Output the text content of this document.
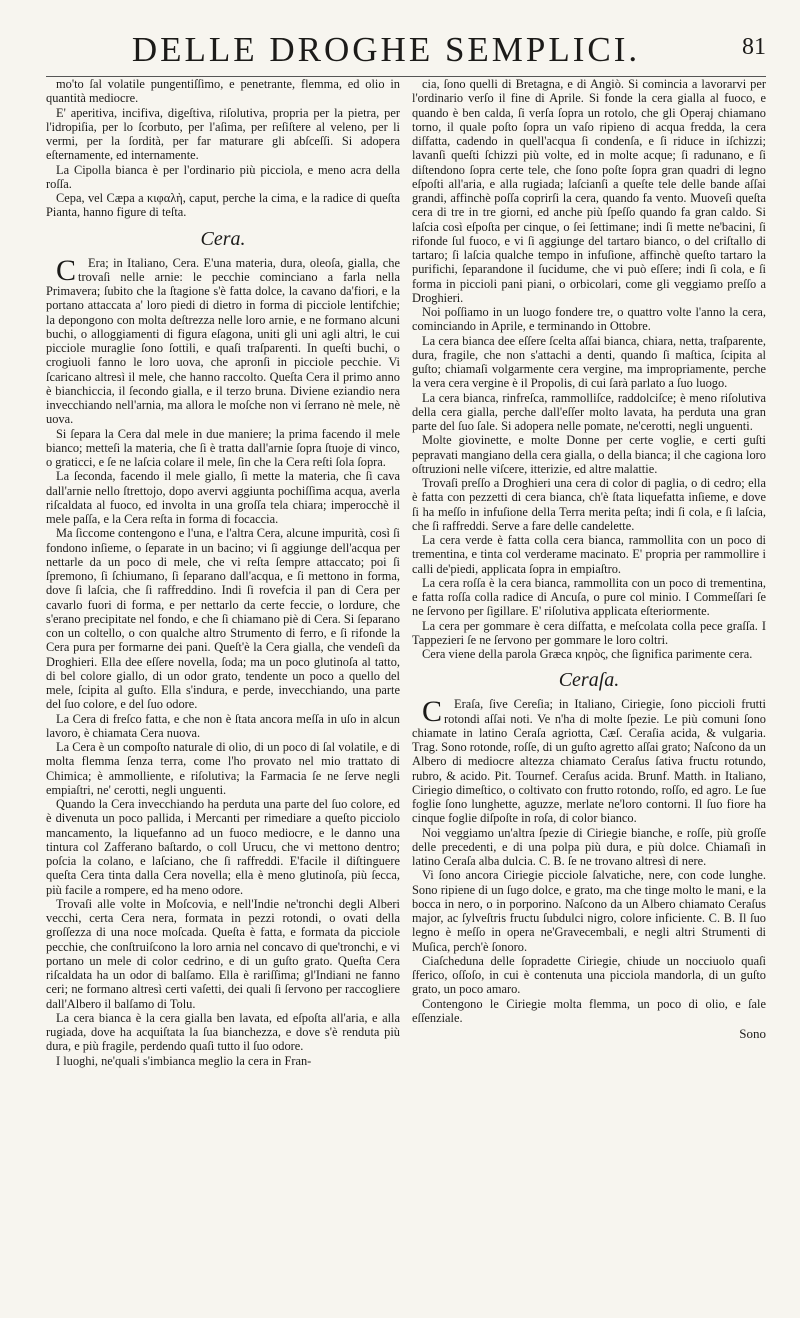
DELLE DROGHE SEMPLICI.	81

mo'to ſal volatile pungentiſſimo, e penetrante, flemma, ed olio in quantità mediocre.

E' aperitiva, incifiva, digeſtiva, riſolutiva, propria per la pietra, per l'idropiſia, per lo ſcorbuto, per l'aſima, per reſiſtere al veleno, per li vermi, per la ſordità, per far maturare gli abſceſſi. Si adopera eſternamente, ed internamente.

La Cipolla bianca è per l'ordinario più picciola, e meno acra della roſſa.

Cepa, vel Cæpa a κιφαλὴ, caput, perche la cima, e la radice di queſta Pianta, hanno figure di teſta.

Cera.

C Era; in Italiano, Cera. E'una materia, dura, oleoſa, gialla, che trovaſi nelle arnie: le pecchie cominciano a farla nella Primavera; ſubito che la ſtagione s'è fatta dolce, la cavano da'fiori, e la portano attaccata a' loro piedi di dietro in forma di picciole lentifchie; la depongono con molta deſtrezza nelle loro arnie, e ne formano alcuni buchi, o alloggiamenti di figura eſagona, uniti gli uni agli altri, le cui picciole muraglie ſono ſottili, e quaſi traſparenti. In queſti buchi, o crogiuoli fanno le loro uova, che apronſi in picciole pecchie. Vi ſcaricano altresì il mele, che hanno raccolto. Queſta Cera il primo anno è bianchiccia, il ſecondo gialla, e il terzo bruna. Diviene eziandio nera invecchiando nell'arnia, ma allora le moſche non vi ſerrano nè mele, nè uova.

Si ſepara la Cera dal mele in due maniere; la prima facendo il mele bianco; metteſi la materia, che ſi è tratta dall'arnie ſopra ſtuoje di vinco, o graticci, e ſe ne laſcia colare il mele, ſin che la Cera reſti ſola ſopra.

La ſeconda, facendo il mele giallo, ſi mette la materia, che ſi cava dall'arnie nello ſtrettojo, dopo avervi aggiunta pochiſſima acqua, averla riſcaldata al fuoco, ed involta in una groſſa tela chiara; imperocchè il mele paſſa, e la Cera reſta in forma di focaccia.

Ma ſiccome contengono e l'una, e l'altra Cera, alcune impurità, così ſi fondono inſieme, o ſeparate in un bacino; vi ſi aggiunge dell'acqua per nettarle da un poco di mele, che vi reſta ſempre attaccato; poi ſi ſpremono, ſi ſchiumano, ſi ſeparano dall'acqua, e ſi mettono in forma, dove ſi laſcia, che ſi raffreddino. Indi ſi rovefcia il pan di Cera per cavarlo fuori di forma, e per nettarlo da certe feccie, o lordure, che s'erano precipitate nel fondo, e che ſi chiamano piè di Cera. Si ſeparano con un coltello, o con qualche altro Strumento di ferro, e ſi rifonde la Cera pura per formarne dei pani. Queſt'è la Cera gialla, che vendeſi da Droghieri. Ella dee eſſere novella, ſoda; ma un poco glutinoſa al tatto, di bel colore giallo, di un odor grato, tendente un poco a quello del mele, ſcipita al guſto. Ella s'indura, e perde, invecchiando, una parte del ſuo colore, e del ſuo odore.

La Cera di freſco fatta, e che non è ſtata ancora meſſa in uſo in alcun lavoro, è chiamata Cera nuova.

La Cera è un compoſto naturale di olio, di un poco di ſal volatile, e di molta flemma ſenza terra, come l'ho provato nel mio trattato di Chimica; è ammolliente, e riſolutiva; la Farmacia ſe ne ſerve negli empiaſtri, ne' cerotti, negli unguenti.

Quando la Cera invecchiando ha perduta una parte del ſuo colore, ed è divenuta un poco pallida, i Mercanti per rimediare a queſto picciolo mancamento, la liquefanno ad un fuoco mediocre, e le danno una tintura col Zafferano baſtardo, o coll Urucu, che vi mettono dentro; poſcia la colano, e laſciano, che ſi raffreddi. E'facile il diſtinguere queſta Cera tinta dalla Cera novella; ella è meno glutinoſa, più ſecca, più facile a rompere, ed ha meno odore.

Trovaſi alle volte in Moſcovia, e nell'Indie ne'tronchi degli Alberi vecchi, certa Cera nera, formata in pezzi rotondi, o ovati della groſſezza di una noce moſcada. Queſta è fatta, e formata da picciole pecchie, che conſtruiſcono la loro arnia nel concavo di que'tronchi, e vi portano un mele di color cedrino, e di un guſto grato. Queſta Cera riſcaldata ha un odor di balſamo. Ella è rariſſima; gl'Indiani ne fanno ceri; ne formano altresì certi vaſetti, dei quali ſi ſervono per raccogliere dall'Albero il balſamo di Tolu.

La cera bianca è la cera gialla ben lavata, ed eſpoſta all'aria, e alla rugiada, dove ha acquiſtata la ſua bianchezza, e dove s'è renduta più dura, e più fragile, perdendo quaſi tutto il ſuo odore.

I luoghi, ne'quali s'imbianca meglio la cera in Fran-

cia, ſono quelli di Bretagna, e di Angiò. Si comincia a lavorarvi per l'ordinario verſo il fine di Aprile. Si fonde la cera gialla al fuoco, e quando è ben calda, ſi verſa ſopra un rotolo, che gli Operaj chiamano torno, il quale poſto ſopra un vaſo ripieno di acqua fredda, la cera diſfatta, cadendo in quell'acqua ſi condenſa, e ſi riduce in iſchizzi; lavanſi queſti ſchizzi più volte, ed in molte acque; ſi radunano, e ſi diſtendono ſopra certe tele, che ſono poſte ſopra gran quadri di legno eſpoſti all'aria, e alla rugiada; laſcianſi a queſte tele delle bande aſſai grandi, affinchè poſſa coprirſi la cera, quando fa vento. Muoveſi queſta cera di tre in tre giorni, ed anche più ſpeſſo quando fa gran caldo. Si laſcia così eſpoſta per cinque, o ſei ſettimane; indi ſi mette ne'bacini, ſi rifonde ſul fuoco, e vi ſi aggiunge del tartaro bianco, o del criſtallo di tartaro; ſi laſcia qualche tempo in infuſione, affinchè queſto tartaro la purifichi, ſeparandone il ſucidume, che vi può eſſere; indi ſi cola, e ſi forma in piccioli pani piani, o orbicolari, come gli veggiamo preſſo a Droghieri.

Noi poſſiamo in un luogo fondere tre, o quattro volte l'anno la cera, cominciando in Aprile, e terminando in Ottobre.

La cera bianca dee eſſere ſcelta aſſai bianca, chiara, netta, traſparente, dura, fragile, che non s'attachi a denti, quando ſi maſtica, ſcipita al guſto; chiamaſi volgarmente cera vergine, ma impropriamente, perche la vera cera vergine è il Propolis, di cui ſarà parlato a ſuo luogo.

La cera bianca, rinfreſca, rammolliſce, raddolciſce; è meno riſolutiva della cera gialla, perche dall'eſſer molto lavata, ha perduta una gran parte del ſuo ſale. Si adopera nelle pomate, ne'cerotti, negli unguenti.

Molte giovinette, e molte Donne per certe voglie, e certi guſti pepravati mangiano della cera gialla, o della bianca; il che cagiona loro oſtruzioni nelle viſcere, itterizie, ed altre malattie.

Trovaſi preſſo a Droghieri una cera di color di paglia, o di cedro; ella è fatta con pezzetti di cera bianca, ch'è ſtata liquefatta inſieme, e dove ſi ha meſſo in infuſione della Terra merita peſta; indi ſi cola, e ſi laſcia, che ſi raffreddi. Serve a fare delle candelette.

La cera verde è fatta colla cera bianca, rammollita con un poco di trementina, e tinta col verderame macinato. E' propria per rammollire i calli de'piedi, applicata ſopra in empiaſtro.

La cera roſſa è la cera bianca, rammollita con un poco di trementina, e fatta roſſa colla radice di Ancuſa, o pure col minio. I Commeſſari ſe ne ſervono per ſigillare. E' riſolutiva applicata eſteriormente.

La cera per gommare è cera diſfatta, e meſcolata colla pece graſſa. I Tappezieri ſe ne ſervono per gommare le loro coltri.

Cera viene della parola Græca κηρὸς, che ſignifica parimente cera.

Ceraſa.

C Eraſa, ſive Cereſia; in Italiano, Ciriegie, ſono piccioli frutti rotondi aſſai noti. Ve n'ha di molte ſpezie. Le più comuni ſono chiamate in latino Ceraſa agriotta, Cæſ. Ceraſia acida, & vulgaria. Trag. Sono rotonde, roſſe, di un guſto agretto aſſai grato; Naſcono da un Albero di mediocre altezza chiamato Ceraſus ſativa fructu rotundo, rubro, & acido. Pit. Tournef. Ceraſus acida. Brunf. Matth. in Italiano, Ciriegio dimeſtico, o coltivato con frutto rotondo, roſſo, ed agro. Le ſue foglie ſono lunghette, aguzze, merlate ne'loro contorni. Il ſuo fiore ha cinque foglie diſpoſte in roſa, di color bianco.

Noi veggiamo un'altra ſpezie di Ciriegie bianche, e roſſe, più groſſe delle precedenti, e di una polpa più dura, e più dolce. Chiamaſi in latino Ceraſa alba dulcia. C. B. ſe ne trovano altresì di nere.

Vi ſono ancora Ciriegie picciole ſalvatiche, nere, con code lunghe. Sono ripiene di un ſugo dolce, e grato, ma che tinge molto le mani, e la bocca in nero, o in porporino. Naſcono da un Albero chiamato Ceraſus major, ac ſylveſtris fructu ſubdulci nigro, colore inficiente. C. B. Il ſuo legno è meſſo in opera ne'Gravecembali, e negli altri Strumenti di Muſica, perch'è ſonoro.

Ciaſcheduna delle ſopradette Ciriegie, chiude un nocciuolo quaſi ſferico, oſſoſo, in cui è contenuta una picciola mandorla, di un guſto grato, un poco amaro.

Contengono le Ciriegie molta flemma, un poco di olio, e ſale eſſenziale.

Sono
